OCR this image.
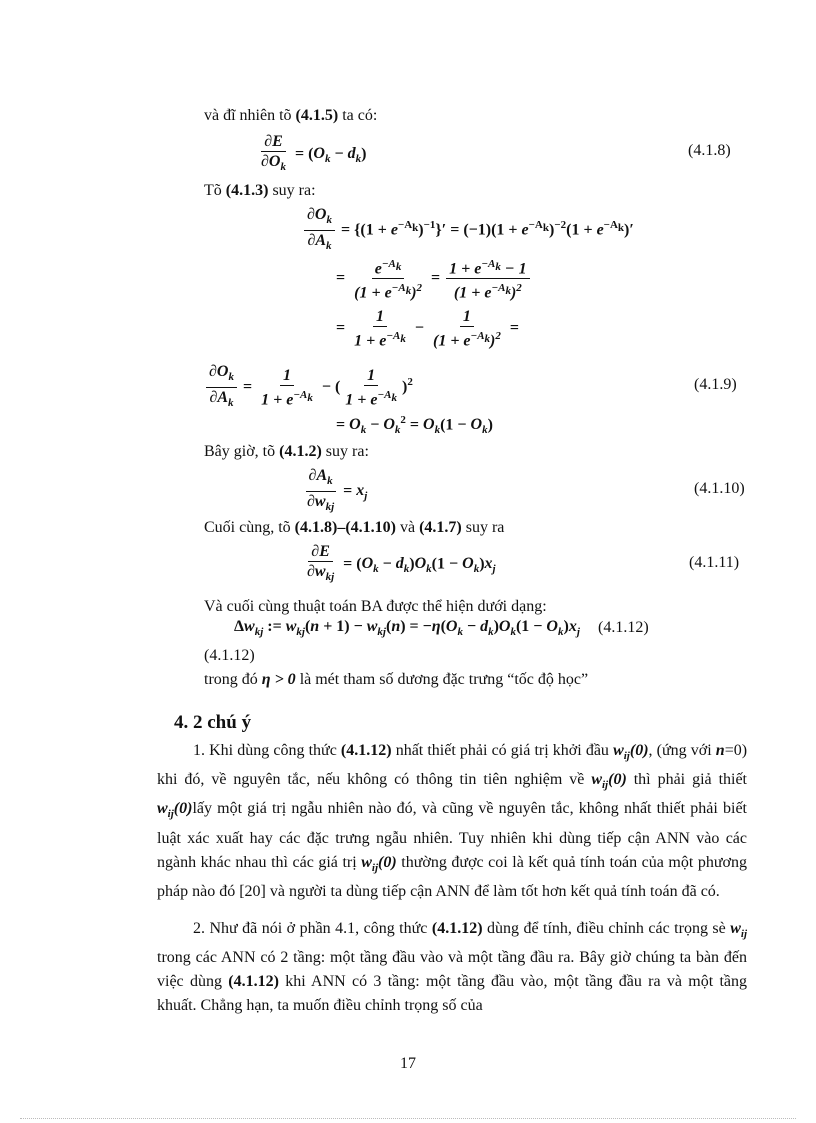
và đĩ nhiên tõ (4.1.5) ta có:
$\frac{\partial E}{\partial O_k} = (O_k - d_k)$	(4.1.8)
Tõ (4.1.3) suy ra:
$\frac{\partial O_k}{\partial A_k} = \{(1 + e^{-A_k})^{-1}\}' = (-1)(1 + e^{-A_k})^{-2}(1 + e^{-A_k})'$
= $\frac{e^{-A_k}}{(1 + e^{-A_k})^2} = \frac{1 + e^{-A_k} - 1}{(1 + e^{-A_k})^2}$
= $\frac{1}{1 + e^{-A_k}} - \frac{1}{(1 + e^{-A_k})^2}$ =
$\frac{\partial O_k}{\partial A_k} = \frac{1}{1 + e^{-A_k}}$ − ( $\frac{1}{1 + e^{-A_k}} )^2$	(4.1.9)
= $O_k - O_k^2 = O_k(1 - O_k)$
Bây giờ, tõ (4.1.2) suy ra:
$\frac{\partial A_k}{\partial w_{kj}} = x_j$	(4.1.10)
Cuối cùng, tõ (4.1.8)–(4.1.10) và (4.1.7) suy ra
$\frac{\partial E}{\partial w_{kj}} = (O_k - d_k)O_k(1 - O_k)x_j$	(4.1.11)
Và cuối cùng thuật toán BA được thể hiện dưới dạng:
$\Delta w_{kj}$ := $w_{kj}(n + 1) - w_{kj}(n) = -\eta(O_k - d_k)O_k(1 - O_k)x_j$ (4.1.12)
(4.1.12)
trong đó η > 0 là mét tham số dương đặc trưng “tốc độ học”
4. 2 chú ý
1. Khi dùng công thức (4.1.12) nhất thiết phải có giá trị khởi đầu $w_{ij}(0)$, (ứng với n=0) khi đó, về nguyên tắc, nếu không có thông tin tiên nghiệm về $w_{ij}(0)$ thì phải giả thiết $w_{ij}(0)lấy$ một giá trị ngẫu nhiên nào đó, và cũng về nguyên tắc, không nhất thiết phải biết luật xác xuất hay các đặc trưng ngẫu nhiên. Tuy nhiên khi dùng tiếp cận ANN vào các ngành khác nhau thì các giá trị $w_{ij}(0)$ thường được coi là kết quả tính toán của một phương pháp nào đó [20] và người ta dùng tiếp cận ANN để làm tốt hơn kết quả tính toán đã có.
2. Như đã nói ở phần 4.1, công thức (4.1.12) dùng để tính, điều chỉnh các trọng sè $w_{ij}$ trong các ANN có 2 tầng: một tầng đầu vào và một tầng đầu ra. Bây giờ chúng ta bàn đến việc dùng (4.1.12) khi ANN có 3 tầng: một tầng đầu vào, một tầng đầu ra và một tầng khuất. Chẳng hạn, ta muốn điều chỉnh trọng số của
17
